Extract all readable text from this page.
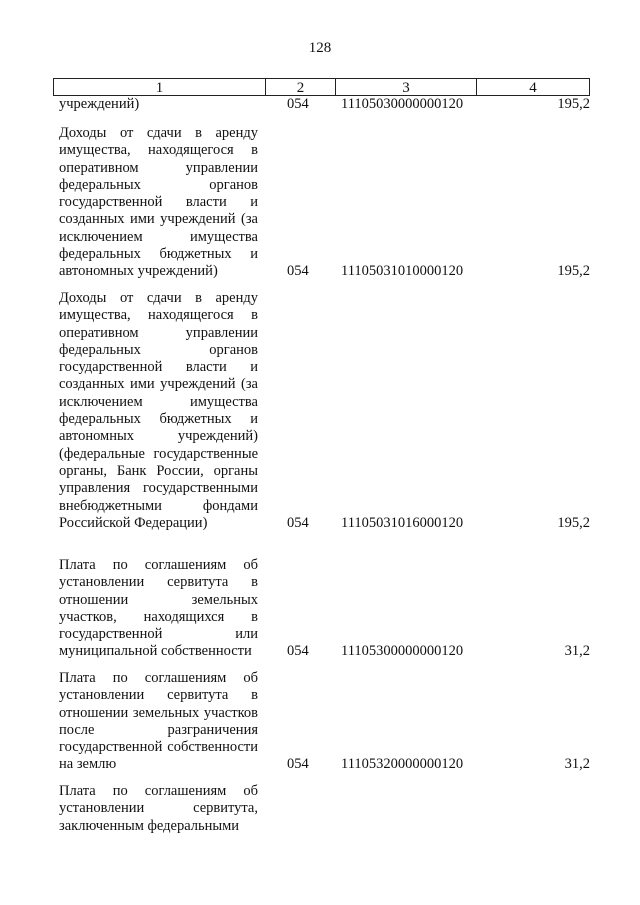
128
1	2	3	4
учреждений)	054 11105030000000120	195,2
Доходы от сдачи в аренду имущества, находящегося в оперативном управлении федеральных органов государственной власти и созданных ими учреждений (за исключением имущества федеральных бюджетных и автономных учреждений)	054 11105031010000120	195,2
Доходы от сдачи в аренду имущества, находящегося в оперативном управлении федеральных органов государственной власти и созданных ими учреждений (за исключением имущества федеральных бюджетных и автономных учреждений) (федеральные государственные органы, Банк России, органы управления государственными внебюджетными фондами Российской Федерации)	054 11105031016000120	195,2
Плата по соглашениям об установлении сервитута в отношении земельных участков, находящихся в государственной или муниципальной собственности	054 11105300000000120	31,2
Плата по соглашениям об установлении сервитута в отношении земельных участков после разграничения государственной собственности на землю	054 11105320000000120	31,2
Плата по соглашениям об установлении сервитута, заключенным федеральными
